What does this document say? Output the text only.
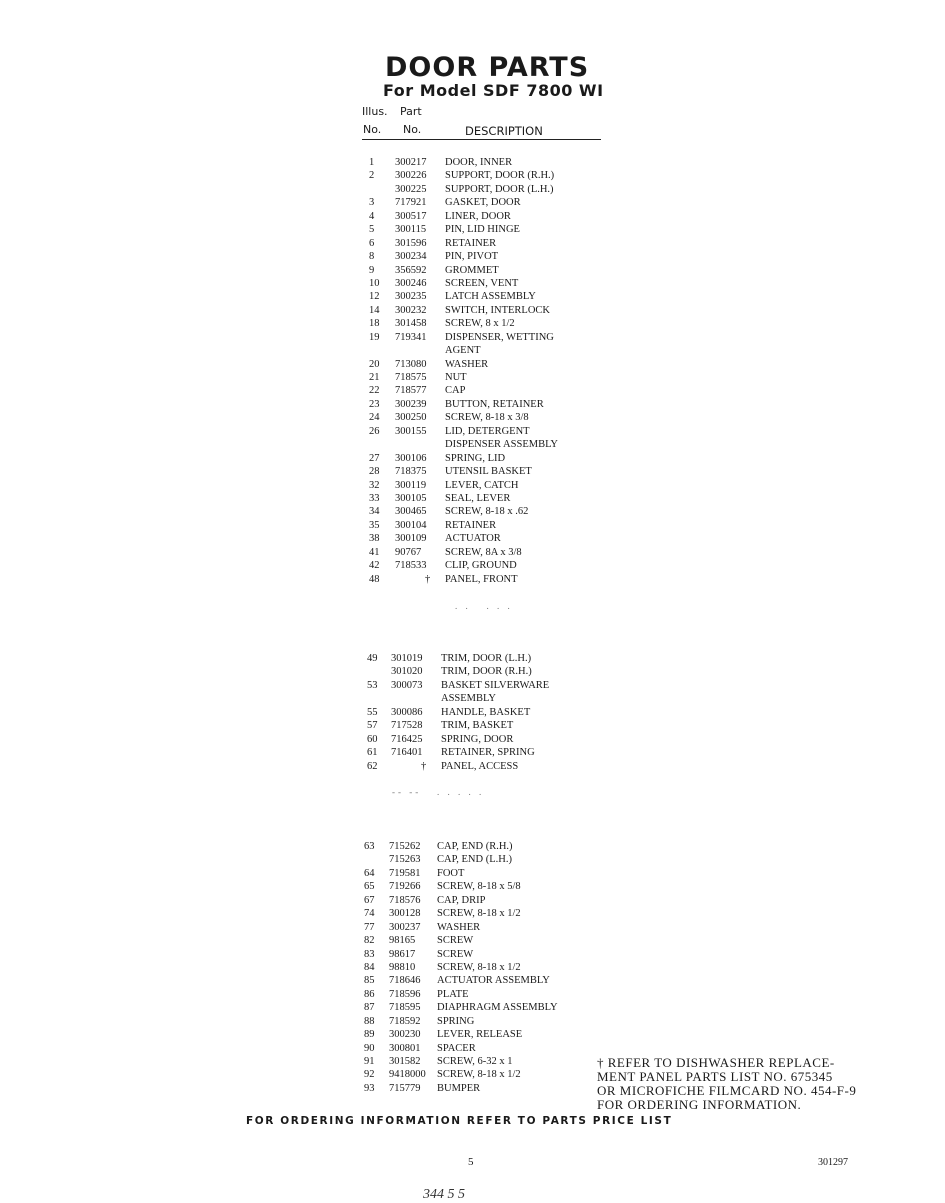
DOOR PARTS
For Model SDF 7800 WI
Illus. Part
No. No.	DESCRIPTION
1 300217 DOOR, INNER
2 300226 SUPPORT, DOOR (R.H.)
300225 SUPPORT, DOOR (L.H.)
3 717921 GASKET, DOOR
4 300517 LINER, DOOR
5 300115 PIN, LID HINGE
6 301596 RETAINER
8 300234 PIN, PIVOT
9 356592 GROMMET
10 300246 SCREEN, VENT
12 300235 LATCH ASSEMBLY
14 300232 SWITCH, INTERLOCK
18 301458 SCREW, 8 x 1/2
19 719341 DISPENSER, WETTING
AGENT
20 713080 WASHER
21 718575 NUT
22 718577 CAP
23 300239 BUTTON, RETAINER
24 300250 SCREW, 8-18 x 3/8
26 300155 LID, DETERGENT
DISPENSER ASSEMBLY
27 300106 SPRING, LID
28 718375 UTENSIL BASKET
32 300119 LEVER, CATCH
33 300105 SEAL, LEVER
34 300465 SCREW, 8-18 x .62
35 300104 RETAINER
38 300109 ACTUATOR
41 90767 SCREW, 8A x 3/8
42 718533 CLIP, GROUND
48	† PANEL, FRONT
. .   . . .
49 301019 TRIM, DOOR (L.H.)
301020 TRIM, DOOR (R.H.)
53 300073 BASKET SILVERWARE
ASSEMBLY
55 300086 HANDLE, BASKET
57 717528 TRIM, BASKET
60 716425 SPRING, DOOR
61 716401 RETAINER, SPRING
62	† PANEL, ACCESS
-- --   . . . . .
63 715262 CAP, END (R.H.)
715263 CAP, END (L.H.)
64 719581 FOOT
65 719266 SCREW, 8-18 x 5/8
67 718576 CAP, DRIP
74 300128 SCREW, 8-18 x 1/2
77 300237 WASHER
82 98165 SCREW
83 98617 SCREW
84 98810 SCREW, 8-18 x 1/2
85 718646 ACTUATOR ASSEMBLY
86 718596 PLATE
87 718595 DIAPHRAGM ASSEMBLY
88 718592 SPRING
89 300230 LEVER, RELEASE
90 300801 SPACER
91 301582 SCREW, 6-32 x 1
92 9418000 SCREW, 8-18 x 1/2
93 715779 BUMPER
† REFER TO DISHWASHER REPLACE-
MENT PANEL PARTS LIST NO. 675345
OR MICROFICHE FILMCARD NO. 454-F-9
FOR ORDERING INFORMATION.

FOR ORDERING INFORMATION REFER TO PARTS PRICE LIST

5	301297
344 5 5
